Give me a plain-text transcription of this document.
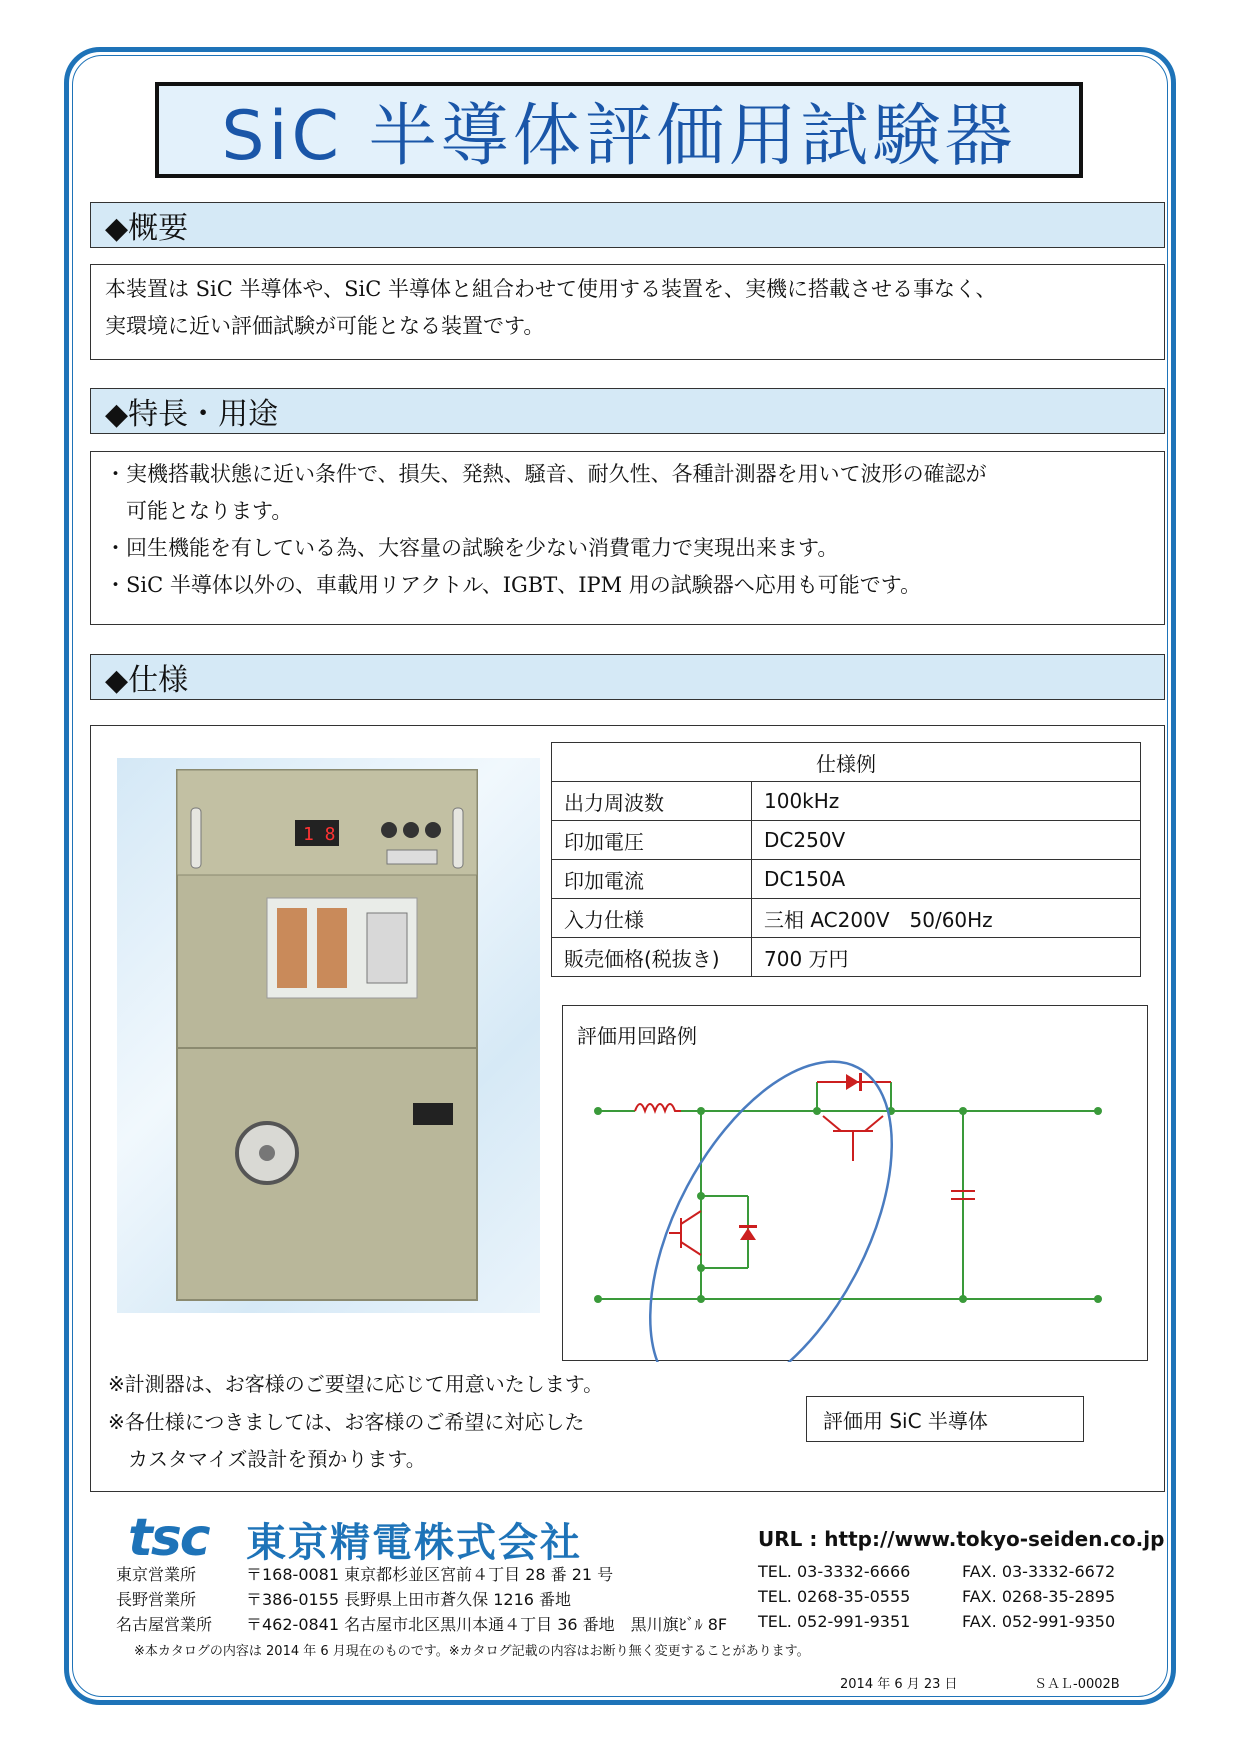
SiC 半導体評価用試験器
◆概要
本装置は SiC 半導体や、SiC 半導体と組合わせて使用する装置を、実機に搭載させる事なく、
実環境に近い評価試験が可能となる装置です。
◆特長・用途
・実機搭載状態に近い条件で、損失、発熱、騒音、耐久性、各種計測器を用いて波形の確認が
　可能となります。
・回生機能を有している為、大容量の試験を少ない消費電力で実現出来ます。
・SiC 半導体以外の、車載用リアクトル、IGBT、IPM 用の試験器へ応用も可能です。
◆仕様
1 8
仕様例	
出力周波数	100kHz
印加電圧	DC250V
印加電流	DC150A
入力仕様	三相 AC200V　50/60Hz
販売価格(税抜き)	700 万円
評価用回路例
評価用 SiC 半導体
※計測器は、お客様のご要望に応じて用意いたします。
※各仕様につきましては、お客様のご希望に対応した
　カスタマイズ設計を預かります。
tsc 東京精電株式会社	URL : http://www.tokyo-seiden.co.jp
東京営業所	〒168-0081 東京都杉並区宮前４丁目 28 番 21 号	TEL. 03-3332-6666	FAX. 03-3332-6672
長野営業所	〒386-0155 長野県上田市蒼久保 1216 番地	TEL. 0268-35-0555	FAX. 0268-35-2895
名古屋営業所 〒462-0841 名古屋市北区黒川本通４丁目 36 番地　黒川旗ﾋﾞﾙ 8F TEL. 052-991-9351	FAX. 052-991-9350
※本カタログの内容は 2014 年 6 月現在のものです。※カタログ記載の内容はお断り無く変更することがあります。
2014 年 6 月 23 日	ＳＡＬ-0002B
